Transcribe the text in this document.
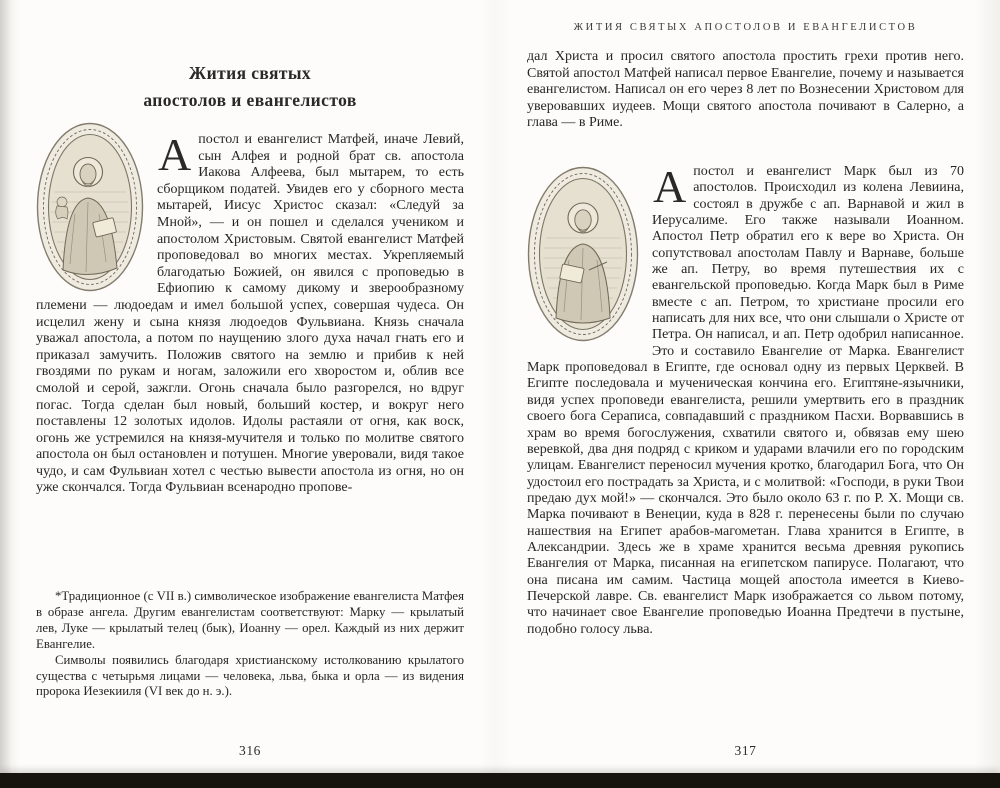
Жития святых
апостолов и евангелистов
Апостол и евангелист Матфей, иначе Левий, сын Алфея и родной брат св. апостола Иакова Алфеева, был мытарем, то есть сборщиком податей. Увидев его у сборного места мытарей, Иисус Христос сказал: «Следуй за Мной», — и он пошел и сделался учеником и апостолом Христовым. Святой евангелист Матфей проповедовал во многих местах. Укрепляемый благодатью Божией, он явился с проповедью в Ефиопию к самому дикому и зверообразному племени — людоедам и имел большой успех, совершая чудеса. Он исцелил жену и сына князя людоедов Фульвиана. Князь сначала уважал апостола, а потом по наущению злого духа начал гнать его и приказал замучить. Положив святого на землю и прибив к ней гвоздями по рукам и ногам, заложили его хворостом и, облив все смолой и серой, зажгли. Огонь сначала было разгорелся, но вдруг погас. Тогда сделан был новый, больший костер, и вокруг него поставлены 12 золотых идолов. Идолы растаяли от огня, как воск, огонь же устремился на князя-мучителя и только по молитве святого апостола он был остановлен и потушен. Многие уверовали, видя такое чудо, и сам Фульвиан хотел с честью вывести апостола из огня, но он уже скончался. Тогда Фульвиан всенародно пропове-

*Традиционное (с VII в.) символическое изображение евангелиста Матфея в образе ангела. Другим евангелистам соответствуют: Марку — крылатый лев, Луке — крылатый телец (бык), Иоанну — орел. Каждый из них держит Евангелие.

Символы появились благодаря христианскому истолкованию крылатого существа с четырьмя лицами — человека, льва, быка и орла — из видения пророка Иезекииля (VI век до н. э.).

316
ЖИТИЯ СВЯТЫХ АПОСТОЛОВ И ЕВАНГЕЛИСТОВ
дал Христа и просил святого апостола простить грехи против него. Святой апостол Матфей написал первое Евангелие, почему и называется евангелистом. Написал он его через 8 лет по Вознесении Христовом для уверовавших иудеев. Мощи святого апостола почивают в Салерно, а глава — в Риме.
Апостол и евангелист Марк был из 70 апостолов. Происходил из колена Левиина, состоял в дружбе с ап. Варнавой и жил в Иерусалиме. Его также называли Иоанном. Апостол Петр обратил его к вере во Христа. Он сопутствовал апостолам Павлу и Варнаве, больше же ап. Петру, во время путешествия их с евангельской проповедью. Когда Марк был в Риме вместе с ап. Петром, то христиане просили его написать для них все, что они слышали о Христе от Петра. Он написал, и ап. Петр одобрил написанное. Это и составило Евангелие от Марка. Евангелист Марк проповедовал в Египте, где основал одну из первых Церквей. В Египте последовала и мученическая кончина его. Египтяне-язычники, видя успех проповеди евангелиста, решили умертвить его в праздник своего бога Сераписа, совпадавший с праздником Пасхи. Ворвавшись в храм во время богослужения, схватили святого и, обвязав ему шею веревкой, два дня подряд с криком и ударами влачили его по городским улицам. Евангелист переносил мучения кротко, благодарил Бога, что Он удостоил его пострадать за Христа, и с молитвой: «Господи, в руки Твои предаю дух мой!» — скончался. Это было около 63 г. по Р. Х. Мощи св. Марка почивают в Венеции, куда в 828 г. перенесены были по случаю нашествия на Египет арабов-магометан. Глава хранится в Египте, в Александрии. Здесь же в храме хранится весьма древняя рукопись Евангелия от Марка, писанная на египетском папирусе. Полагают, что она писана им самим. Частица мощей апостола имеется в Киево-Печерской лавре. Св. евангелист Марк изображается со львом потому, что начинает свое Евангелие проповедью Иоанна Предтечи в пустыне, подобно голосу льва.
317
